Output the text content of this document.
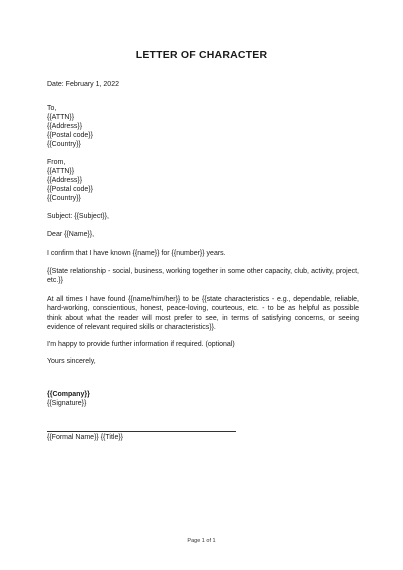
LETTER OF CHARACTER
Date: February 1, 2022
To,
{{ATTN}}
{{Address}}
{{Postal code}}
{{Country}}
From,
{{ATTN}}
{{Address}}
{{Postal code}}
{{Country}}
Subject: {{Subject}},
Dear {{Name}},
I confirm that I have known {{name}} for {{number}} years.
{{State relationship - social, business, working together in some other capacity, club, activity, project, etc.}}
At all times I have found {{name/him/her}} to be {{state characteristics - e.g., dependable, reliable, hard-working, conscientious, honest, peace-loving, courteous, etc. - to be as helpful as possible think about what the reader will most prefer to see, in terms of satisfying concerns, or seeing evidence of relevant required skills or characteristics}}.
I'm happy to provide further information if required. (optional)
Yours sincerely,
{{Company}}
{{Signature}}
{{Formal Name}} {{Title}}
Page 1 of 1
